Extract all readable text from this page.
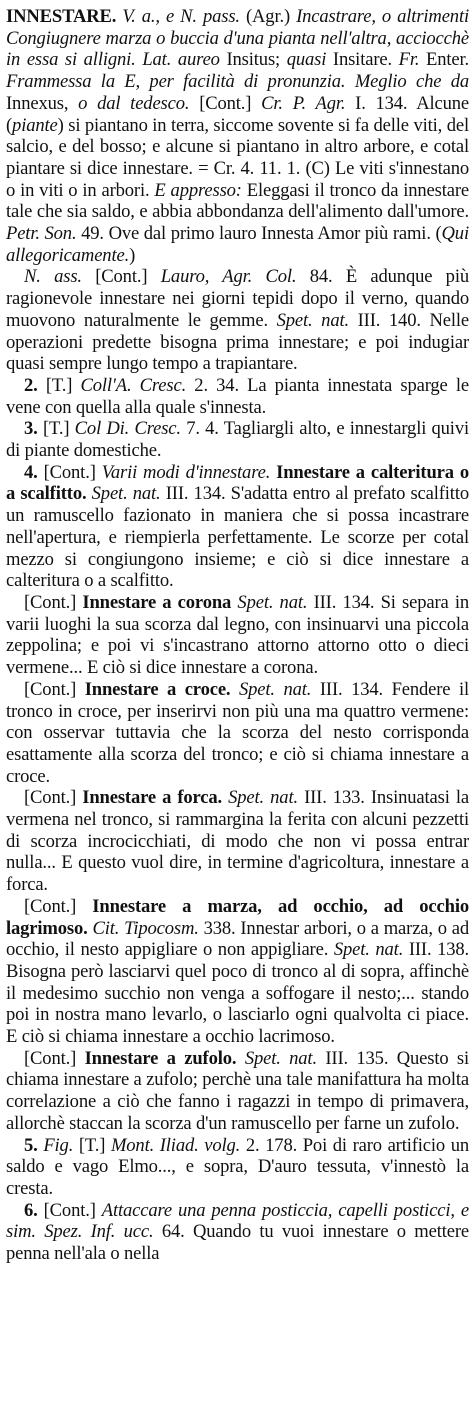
INNESTARE. V. a., e N. pass. (Agr.) Incastrare, o altrimenti Congiugnere marza o buccia d'una pianta nell'altra, acciocchè in essa si alligni. Lat. aureo Insitus; quasi Insitare. Fr. Enter. Frammessa la E, per facilità di pronunzia. Meglio che da Innexus, o dal tedesco. [Cont.] Cr. P. Agr. I. 134. Alcune (piante) si piantano in terra, siccome sovente si fa delle viti, del salcio, e del bosso; e alcune si piantano in altro arbore, e cotal piantare si dice innestare. = Cr. 4. 11. 1. (C) Le viti s'innestano o in viti o in arbori. E appresso: Eleggasi il tronco da innestare tale che sia saldo, e abbia abbondanza dell'alimento dall'umore. Petr. Son. 49. Ove dal primo lauro Innesta Amor più rami. (Qui allegoricamente.)

N. ass. [Cont.] Lauro, Agr. Col. 84. È adunque più ragionevole innestare nei giorni tepidi dopo il verno, quando muovono naturalmente le gemme. Spet. nat. III. 140. Nelle operazioni predette bisogna prima innestare; e poi indugiar quasi sempre lungo tempo a trapiantare.

2. [T.] Coll'A. Cresc. 2. 34. La pianta innestata sparge le vene con quella alla quale s'innesta.

3. [T.] Col Di. Cresc. 7. 4. Tagliargli alto, e innestargli quivi di piante domestiche.

4. [Cont.] Varii modi d'innestare. Innestare a calteritura o a scalfitto. Spet. nat. III. 134. S'adatta entro al prefato scalfitto un ramuscello fazionato in maniera che si possa incastrare nell'apertura, e riempierla perfettamente. Le scorze per cotal mezzo si congiungono insieme; e ciò si dice innestare a calteritura o a scalfitto.

[Cont.] Innestare a corona Spet. nat. III. 134. Si separa in varii luoghi la sua scorza dal legno, con insinuarvi una piccola zeppolina; e poi vi s'incastrano attorno attorno otto o dieci vermene... E ciò si dice innestare a corona.

[Cont.] Innestare a croce. Spet. nat. III. 134. Fendere il tronco in croce, per inserirvi non più una ma quattro vermene: con osservar tuttavia che la scorza del nesto corrisponda esattamente alla scorza del tronco; e ciò si chiama innestare a croce.

[Cont.] Innestare a forca. Spet. nat. III. 133. Insinuatasi la vermena nel tronco, si rammargina la ferita con alcuni pezzetti di scorza incrocicchiati, di modo che non vi possa entrar nulla... E questo vuol dire, in termine d'agricoltura, innestare a forca.

[Cont.] Innestare a marza, ad occhio, ad occhio lagrimoso. Cit. Tipocosm. 338. Innestar arbori, o a marza, o ad occhio, il nesto appigliare o non appigliare. Spet. nat. III. 138. Bisogna però lasciarvi quel poco di tronco al di sopra, affinchè il medesimo succhio non venga a soffogare il nesto;... stando poi in nostra mano levarlo, o lasciarlo ogni qualvolta ci piace. E ciò si chiama innestare a occhio lacrimoso.

[Cont.] Innestare a zufolo. Spet. nat. III. 135. Questo si chiama innestare a zufolo; perchè una tale manifattura ha molta correlazione a ciò che fanno i ragazzi in tempo di primavera, allorchè staccan la scorza d'un ramuscello per farne un zufolo.

5. Fig. [T.] Mont. Iliad. volg. 2. 178. Poi di raro artificio un saldo e vago Elmo..., e sopra, D'auro tessuta, v'innestò la cresta.

6. [Cont.] Attaccare una penna posticcia, capelli posticci, e sim. Spez. Inf. ucc. 64. Quando tu vuoi innestare o mettere penna nell'ala o nella
